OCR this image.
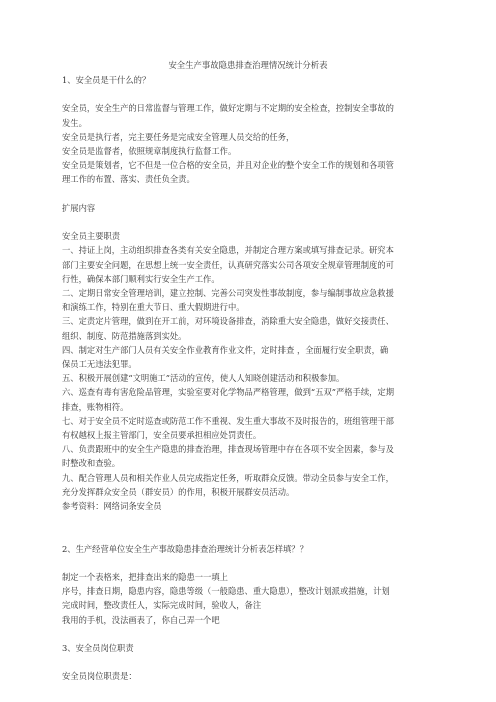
安全生产事故隐患排查治理情况统计分析表
1、安全员是干什么的？
安全员，安全生产的日常监督与管理工作，做好定期与不定期的安全检查，控制安全事故的
发生。
安全员是执行者，完主要任务是完成安全管理人员交给的任务，
安全员是监督者，依照规章制度执行监督工作。
安全员是策划者，它不但是一位合格的安全员，并且对企业的整个安全工作的规划和各项管
理工作的布置、落实、责任负全责。
扩展内容
安全员主要职责
一、持证上岗，主动组织排查各类有关安全隐患，并制定合理方案或填写排查记录。研究本
部门主要安全问题，在思想上统一安全责任，认真研究落实公司各项安全规章管理制度的可
行性，确保本部门顺利实行安全生产工作。
二、定期日常安全管理培训，建立控制、完善公司突发性事故制度，参与编制事故应急救援
和演练工作，特别在重大节日、重大假期进行中。
三、定责定片管理，做到在开工前，对环境设备排查，消除重大安全隐患，做好交接责任、
组织、制度、防范措施落到实处。
四、制定对生产部门人员有关安全作业教育作业文件，定时排查 ，全面履行安全职责，确
保员工无违法犯罪。
五、积极开展创建“文明施工”活动的宣传，使人人知晓创建活动和积极参加。
六、巡查有毒有害危险品管理，实验室要对化学物品严格管理，做到“五双”严格手续，定期
排查，账物相符。
七、对于安全员不定时巡查或防范工作不重视、发生重大事故不及时报告的，班组管理干部
有权越权上报主管部门，安全员要承担相应处罚责任。
八、负责跟班中的安全生产隐患的排查治理，排查现场管理中存在各项不安全因素，参与及
时整改和查验。
九、配合管理人员和相关作业人员完成指定任务，听取群众反馈。带动全员参与安全工作，
充分发挥群众安全员（群安员）的作用，积极开展群安员活动。
参考资料：网络词条安全员
2、生产经营单位安全生产事故隐患排查治理统计分析表怎样填？？
制定一个表格来，把排查出来的隐患一一填上
序号，排查日期，隐患内容，隐患等级（一般隐患、重大隐患），整改计划派或措施，计划
完成时间，整改责任人，实际完成时间，验收人，备注
我用的手机，没法画表了，你自己弄一个吧
3、安全员岗位职责
安全员岗位职责是：
